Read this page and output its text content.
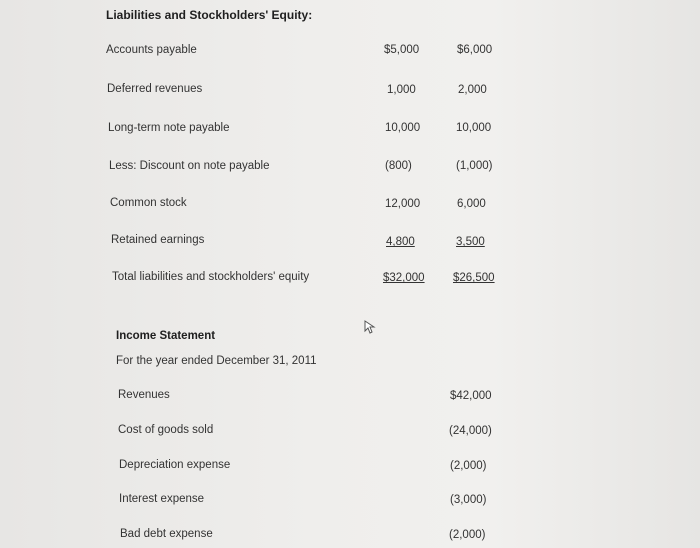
Liabilities and Stockholders' Equity:
Accounts payable	$5,000	$6,000
Deferred revenues	1,000	2,000
Long-term note payable	10,000	10,000
Less: Discount on note payable	(800)	(1,000)
Common stock	12,000	6,000
Retained earnings	4,800	3,500
Total liabilities and stockholders' equity	$32,000 $26,500
Income Statement
For the year ended December 31, 2011
Revenues	$42,000
Cost of goods sold	(24,000)
Depreciation expense	(2,000)
Interest expense	(3,000)
Bad debt expense	(2,000)
